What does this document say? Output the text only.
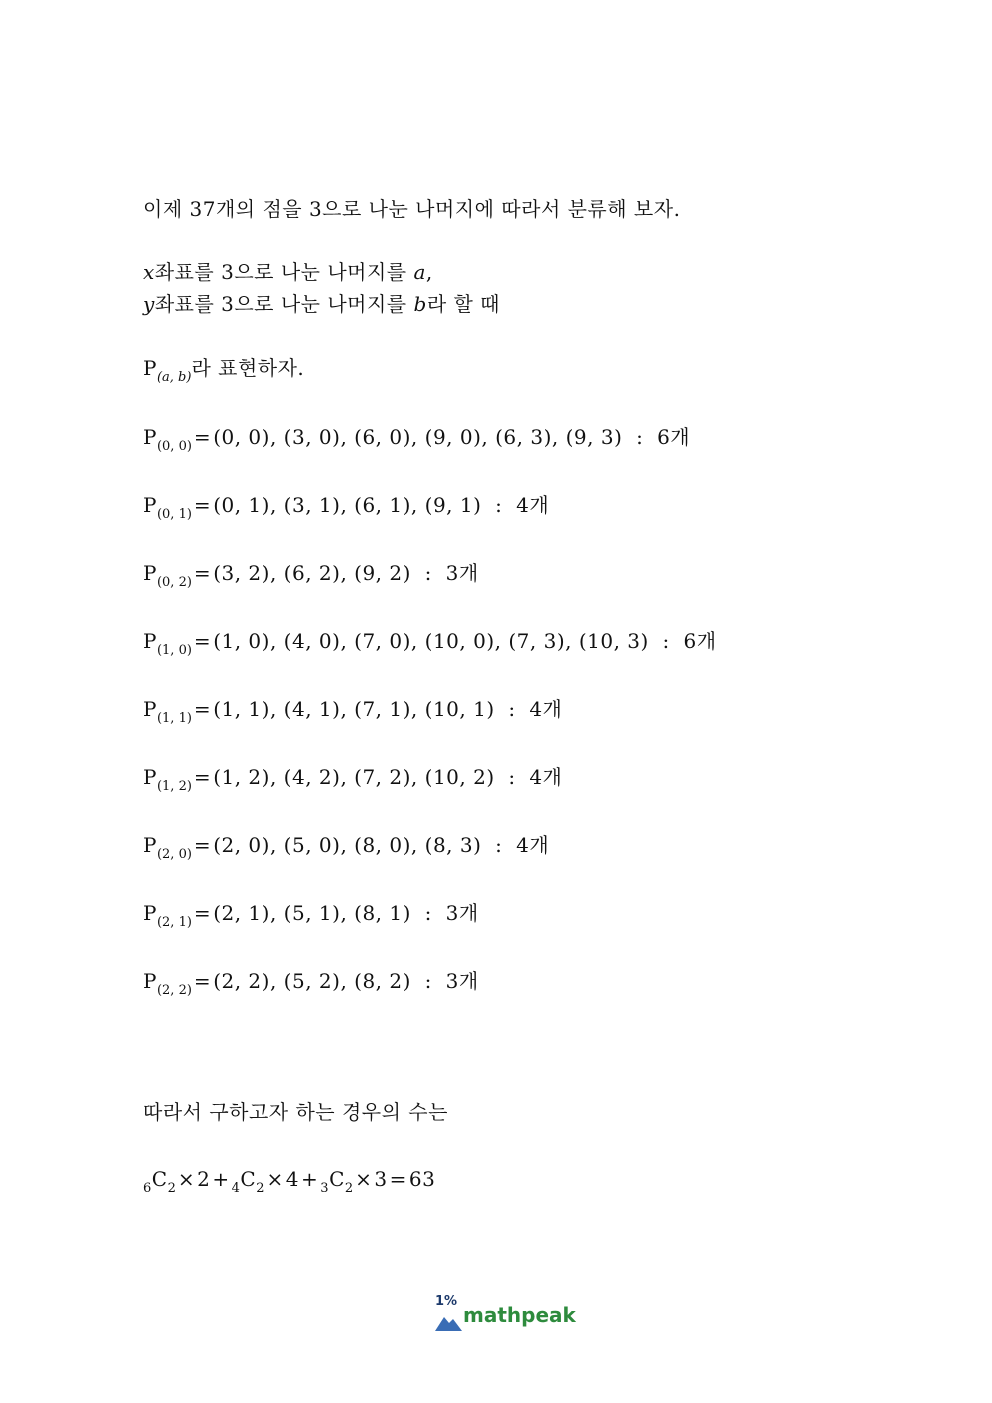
이제 37개의 점을 3으로 나눈 나머지에 따라서 분류해 보자.
x좌표를 3으로 나눈 나머지를 a,
y좌표를 3으로 나눈 나머지를 b라 할 때
$P_{(a, b)}$라 표현하자.
$P_{(0, 0)} = (0$, 0), (3, 0), (6, 0), (9, 0), (6, 3), (9, 3)  :  6개
$P_{(0, 1)} = (0$, 1), (3, 1), (6, 1), (9, 1)  :  4개
$P_{(0, 2)} = (3$, 2), (6, 2), (9, 2)  :  3개
$P_{(1, 0)} = (1$, 0), (4, 0), (7, 0), (10, 0), (7, 3), (10, 3)  :  6개
$P_{(1, 1)} = (1$, 1), (4, 1), (7, 1), (10, 1)  :  4개
$P_{(1, 2)} = (1$, 2), (4, 2), (7, 2), (10, 2)  :  4개
$P_{(2, 0)} = (2$, 0), (5, 0), (8, 0), (8, 3)  :  4개
$P_{(2, 1)} = (2$, 1), (5, 1), (8, 1)  :  3개
$P_{(2, 2)} = (2$, 2), (5, 2), (8, 2)  :  3개
따라서 구하고자 하는 경우의 수는
$_6C_2 \times 2 + _4C_2 \times 4 + _3C_2 \times 3 = 63$
1%
mathpeak
